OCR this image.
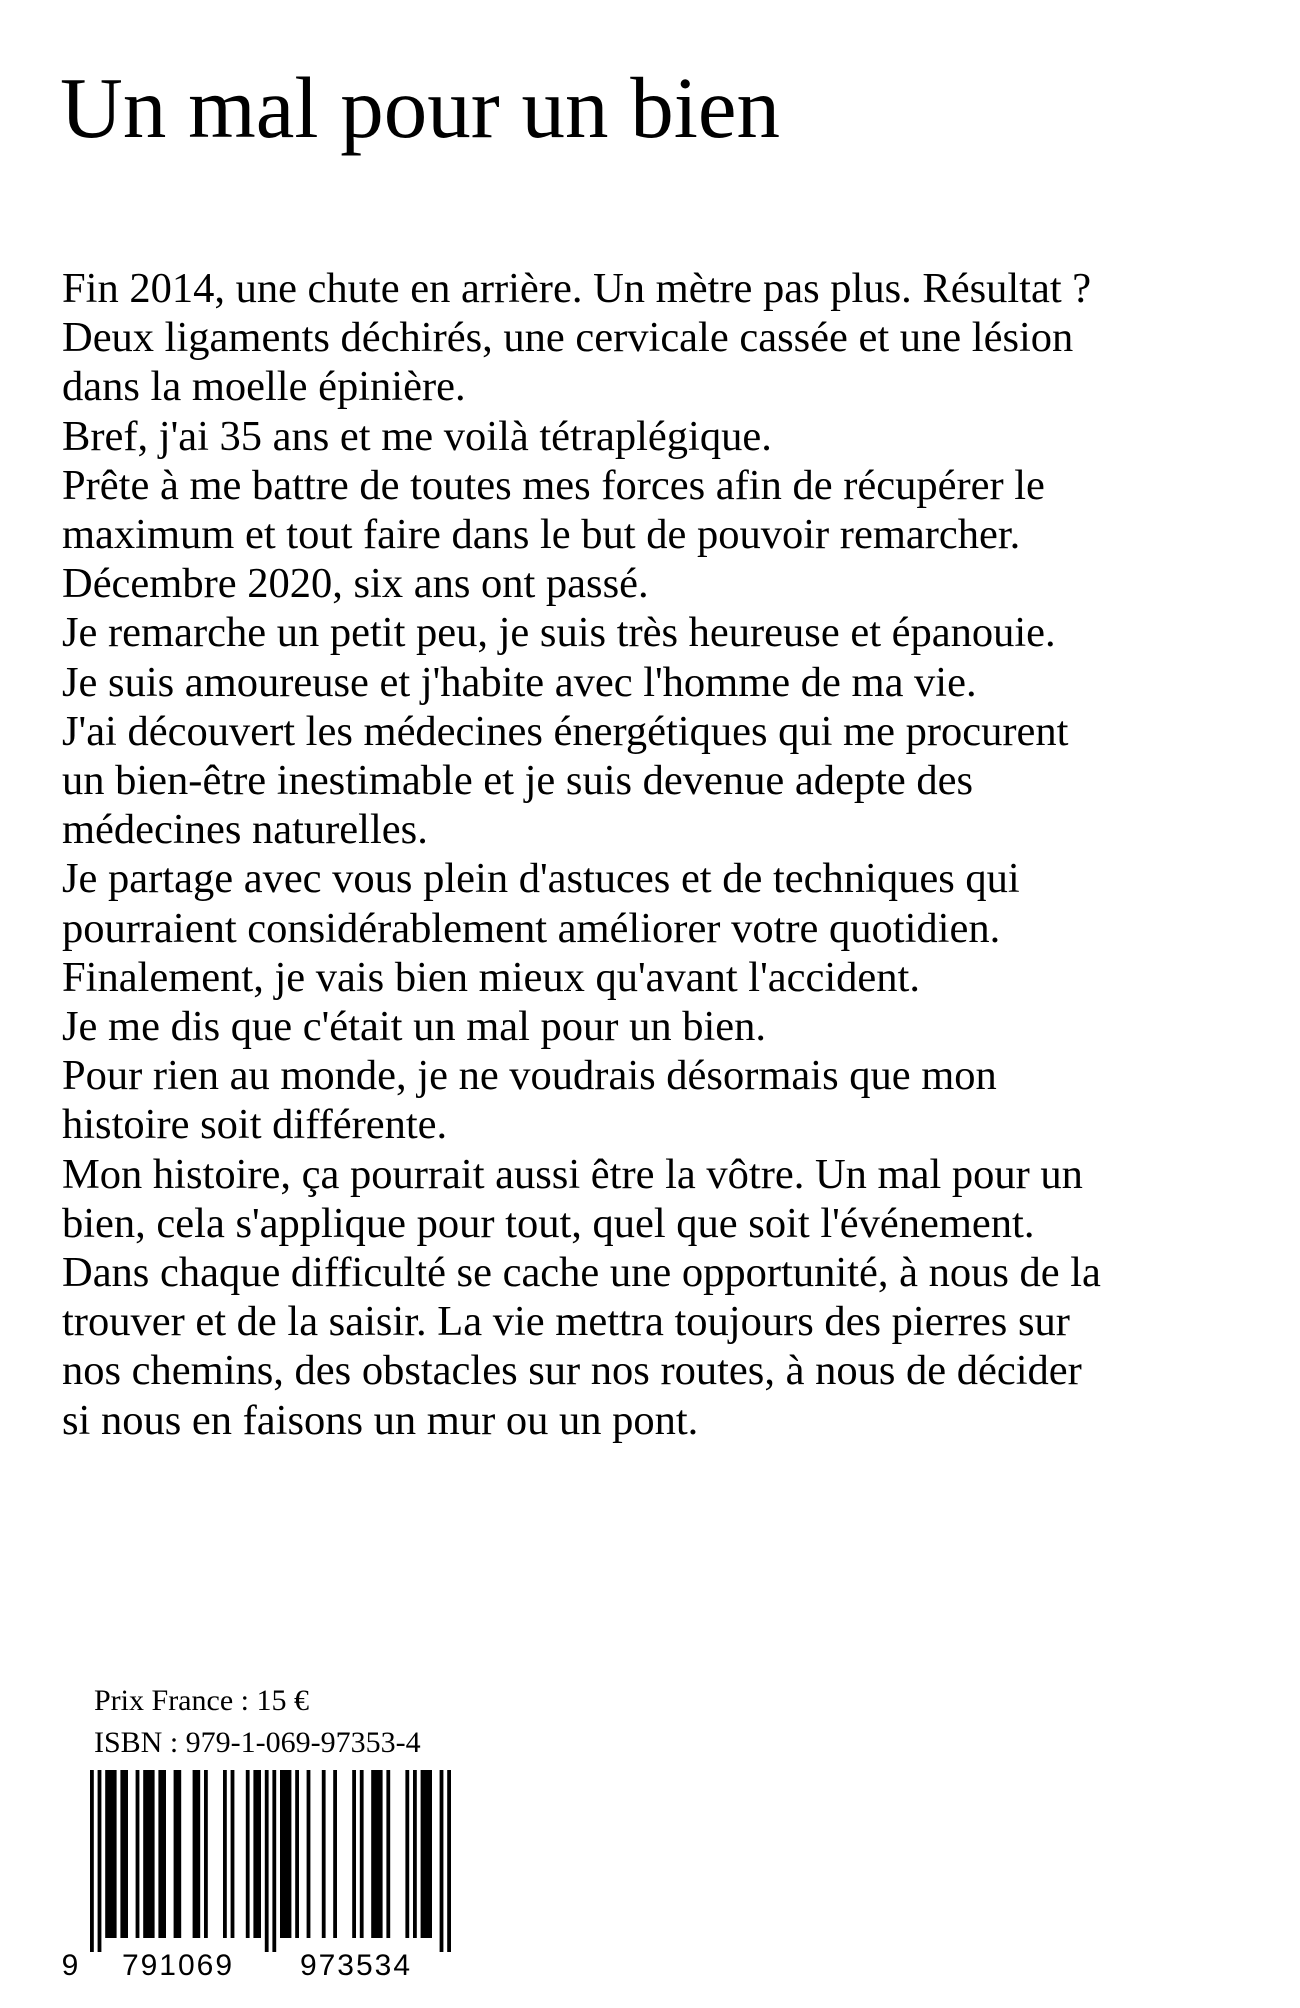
Un mal pour un bien
Fin 2014, une chute en arrière. Un mètre pas plus. Résultat ?
Deux ligaments déchirés, une cervicale cassée et une lésion
dans la moelle épinière.
Bref, j'ai 35 ans et me voilà tétraplégique.
Prête à me battre de toutes mes forces afin de récupérer le
maximum et tout faire dans le but de pouvoir remarcher.
Décembre 2020, six ans ont passé.
Je remarche un petit peu, je suis très heureuse et épanouie.
Je suis amoureuse et j'habite avec l'homme de ma vie.
J'ai découvert les médecines énergétiques qui me procurent
un bien-être inestimable et je suis devenue adepte des
médecines naturelles.
Je partage avec vous plein d'astuces et de techniques qui
pourraient considérablement améliorer votre quotidien.
Finalement, je vais bien mieux qu'avant l'accident.
Je me dis que c'était un mal pour un bien.
Pour rien au monde, je ne voudrais désormais que mon
histoire soit différente.
Mon histoire, ça pourrait aussi être la vôtre. Un mal pour un
bien, cela s'applique pour tout, quel que soit l'événement.
Dans chaque difficulté se cache une opportunité, à nous de la
trouver et de la saisir. La vie mettra toujours des pierres sur
nos chemins, des obstacles sur nos routes, à nous de décider
si nous en faisons un mur ou un pont.
Prix France : 15 €
ISBN : 979-1-069-97353-4
9 791069 973534
